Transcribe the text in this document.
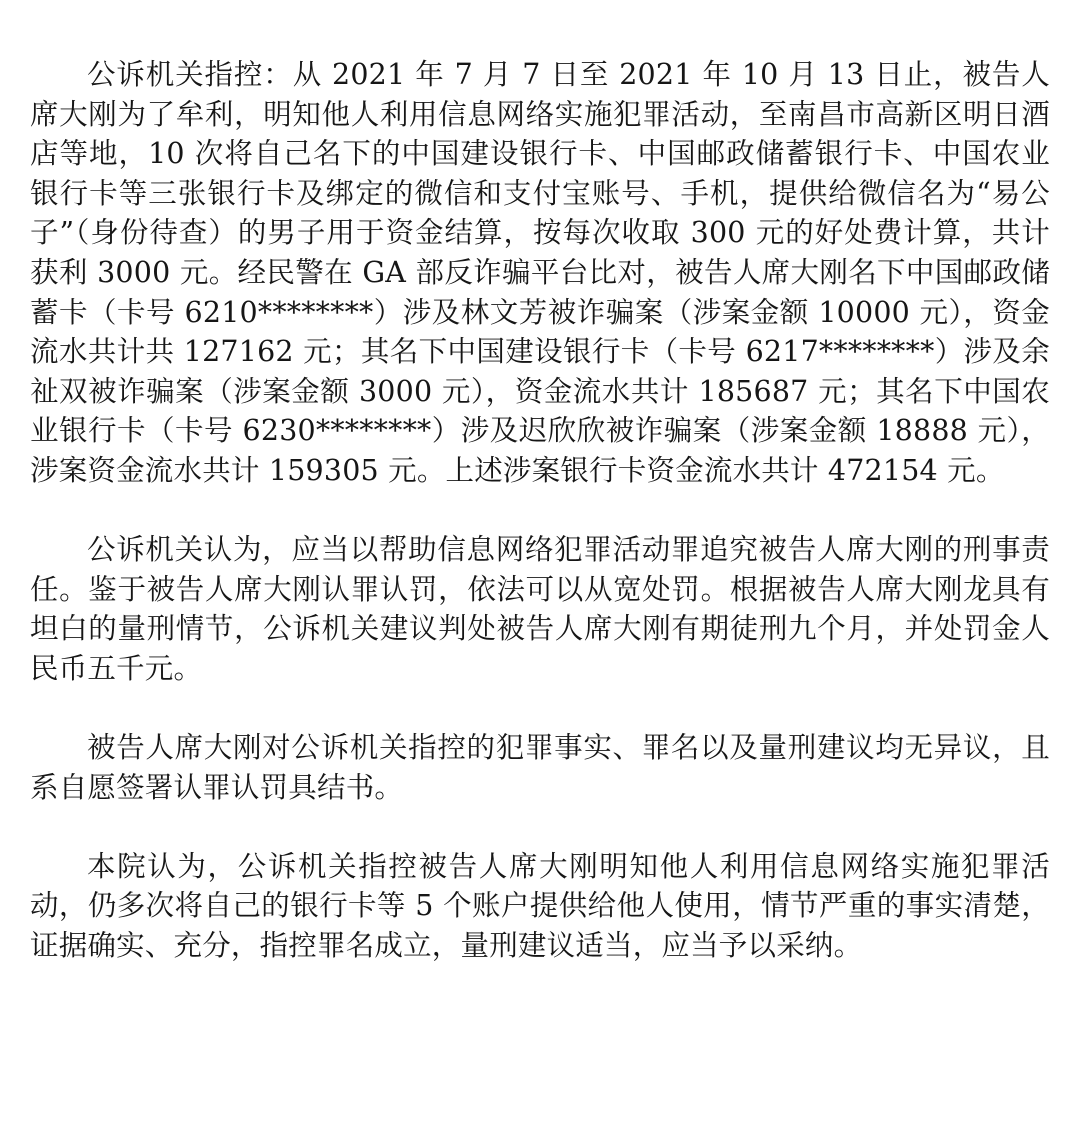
公诉机关指控：从 2021 年 7 月 7 日至 2021 年 10 月 13 日止，被告人席大刚为了牟利，明知他人利用信息网络实施犯罪活动，至南昌市高新区明日酒店等地，10 次将自己名下的中国建设银行卡、中国邮政储蓄银行卡、中国农业银行卡等三张银行卡及绑定的微信和支付宝账号、手机，提供给微信名为“易公子”（身份待查）的男子用于资金结算，按每次收取 300 元的好处费计算，共计获利 3000 元。经民警在 GA 部反诈骗平台比对，被告人席大刚名下中国邮政储蓄卡（卡号 6210********）涉及林文芳被诈骗案（涉案金额 10000 元），资金流水共计共 127162 元；其名下中国建设银行卡（卡号 6217********）涉及余祉双被诈骗案（涉案金额 3000 元），资金流水共计 185687 元；其名下中国农业银行卡（卡号 6230********）涉及迟欣欣被诈骗案（涉案金额 18888 元），涉案资金流水共计 159305 元。上述涉案银行卡资金流水共计 472154 元。

公诉机关认为，应当以帮助信息网络犯罪活动罪追究被告人席大刚的刑事责任。鉴于被告人席大刚认罪认罚，依法可以从宽处罚。根据被告人席大刚龙具有坦白的量刑情节，公诉机关建议判处被告人席大刚有期徒刑九个月，并处罚金人民币五千元。

被告人席大刚对公诉机关指控的犯罪事实、罪名以及量刑建议均无异议，且系自愿签署认罪认罚具结书。

本院认为，公诉机关指控被告人席大刚明知他人利用信息网络实施犯罪活动，仍多次将自己的银行卡等 5 个账户提供给他人使用，情节严重的事实清楚，证据确实、充分，指控罪名成立，量刑建议适当，应当予以采纳。
